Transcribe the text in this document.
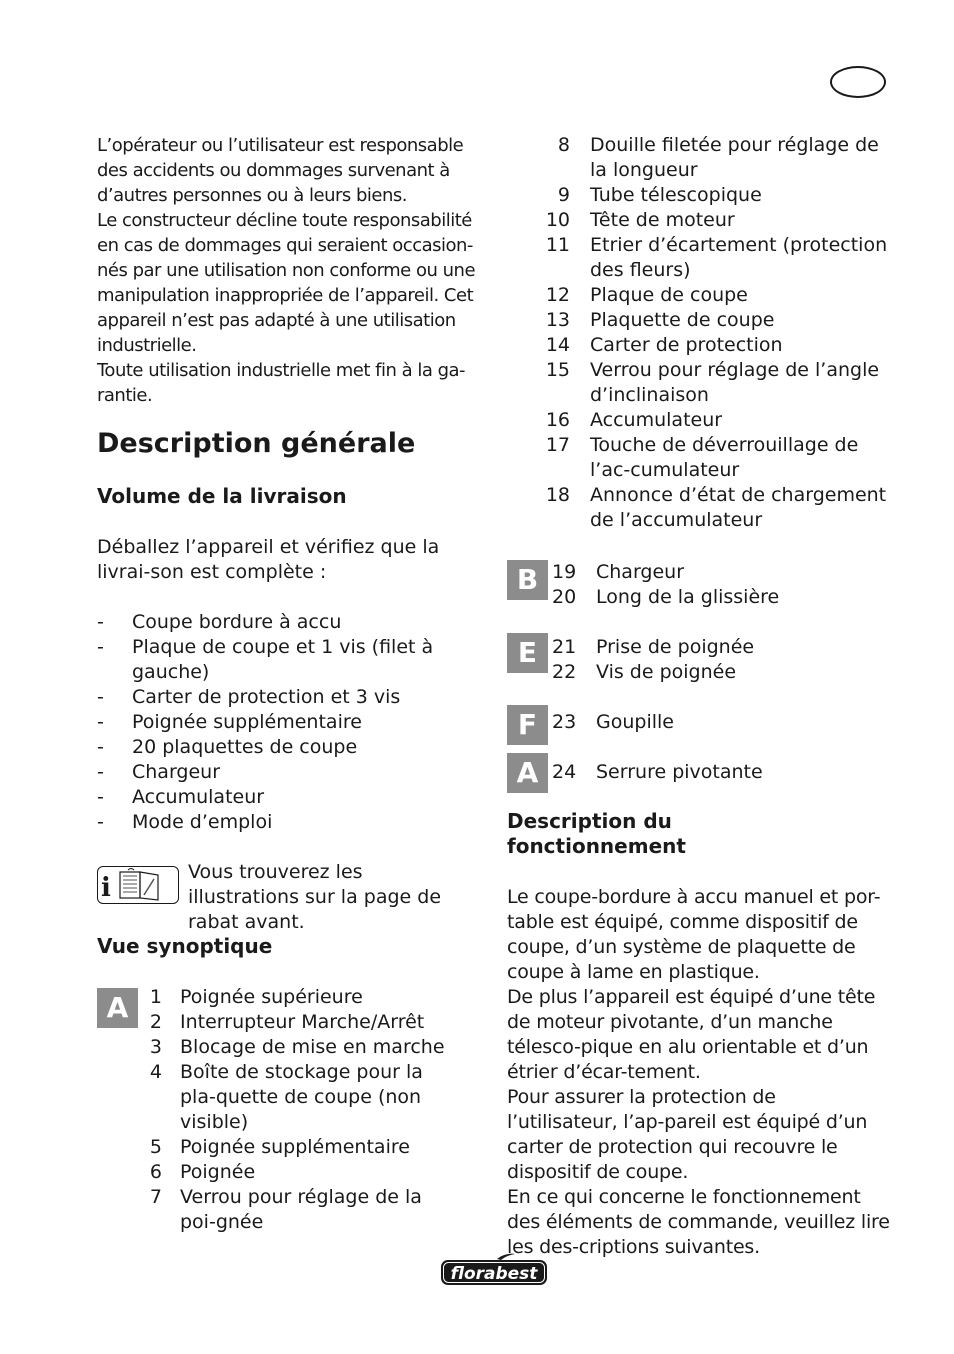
L’opérateur ou l’utilisateur est responsable des accidents ou dommages survenant à d’autres personnes ou à leurs biens.

Le constructeur décline toute responsabilité en cas de dommages qui seraient occasion-nés par une utilisation non conforme ou une manipulation inappropriée de l’appareil. Cet appareil n’est pas adapté à une utilisation industrielle.

Toute utilisation industrielle met fin à la ga-rantie.

Description générale
Volume de la livraison
Déballez l’appareil et vérifiez que la livrai-son est complète :
- Coupe bordure à accu
- Plaque de coupe et 1 vis (filet à gauche)
- Carter de protection et 3 vis
- Poignée supplémentaire
- 20 plaquettes de coupe
- Chargeur
- Accumulateur
- Mode d’emploi
i
Vous trouverez les illustrations sur la page de rabat avant.
Vue synoptique
A	1	Poignée supérieure
2	Interrupteur Marche/Arrêt
3	Blocage de mise en marche
4	Boîte de stockage pour la pla-quette de coupe (non visible)
5	Poignée supplémentaire
6	Poignée
7	Verrou pour réglage de la poi-gnée
8	Douille filetée pour réglage de la longueur
9	Tube télescopique
10	Tête de moteur
11	Etrier d’écartement (protection des fleurs)
12	Plaque de coupe
13	Plaquette de coupe
14	Carter de protection
15	Verrou pour réglage de l’angle d’inclinaison
16	Accumulateur
17	Touche de déverrouillage de l’ac-cumulateur
18	Annonce d’état de chargement de l’accumulateur
B 19	Chargeur
20	Long de la glissière
E 21	Prise de poignée
22	Vis de poignée
F 23	Goupille
A 24	Serrure pivotante
Description du fonctionnement

Le coupe-bordure à accu manuel et por-table est équipé, comme dispositif de coupe, d’un système de plaquette de coupe à lame en plastique.

De plus l’appareil est équipé d’une tête de moteur pivotante, d’un manche télesco-pique en alu orientable et d’un étrier d’écar-tement.

Pour assurer la protection de l’utilisateur, l’ap-pareil est équipé d’un carter de protection qui recouvre le dispositif de coupe.

En ce qui concerne le fonctionnement des éléments de commande, veuillez lire les des-criptions suivantes.

florabest
